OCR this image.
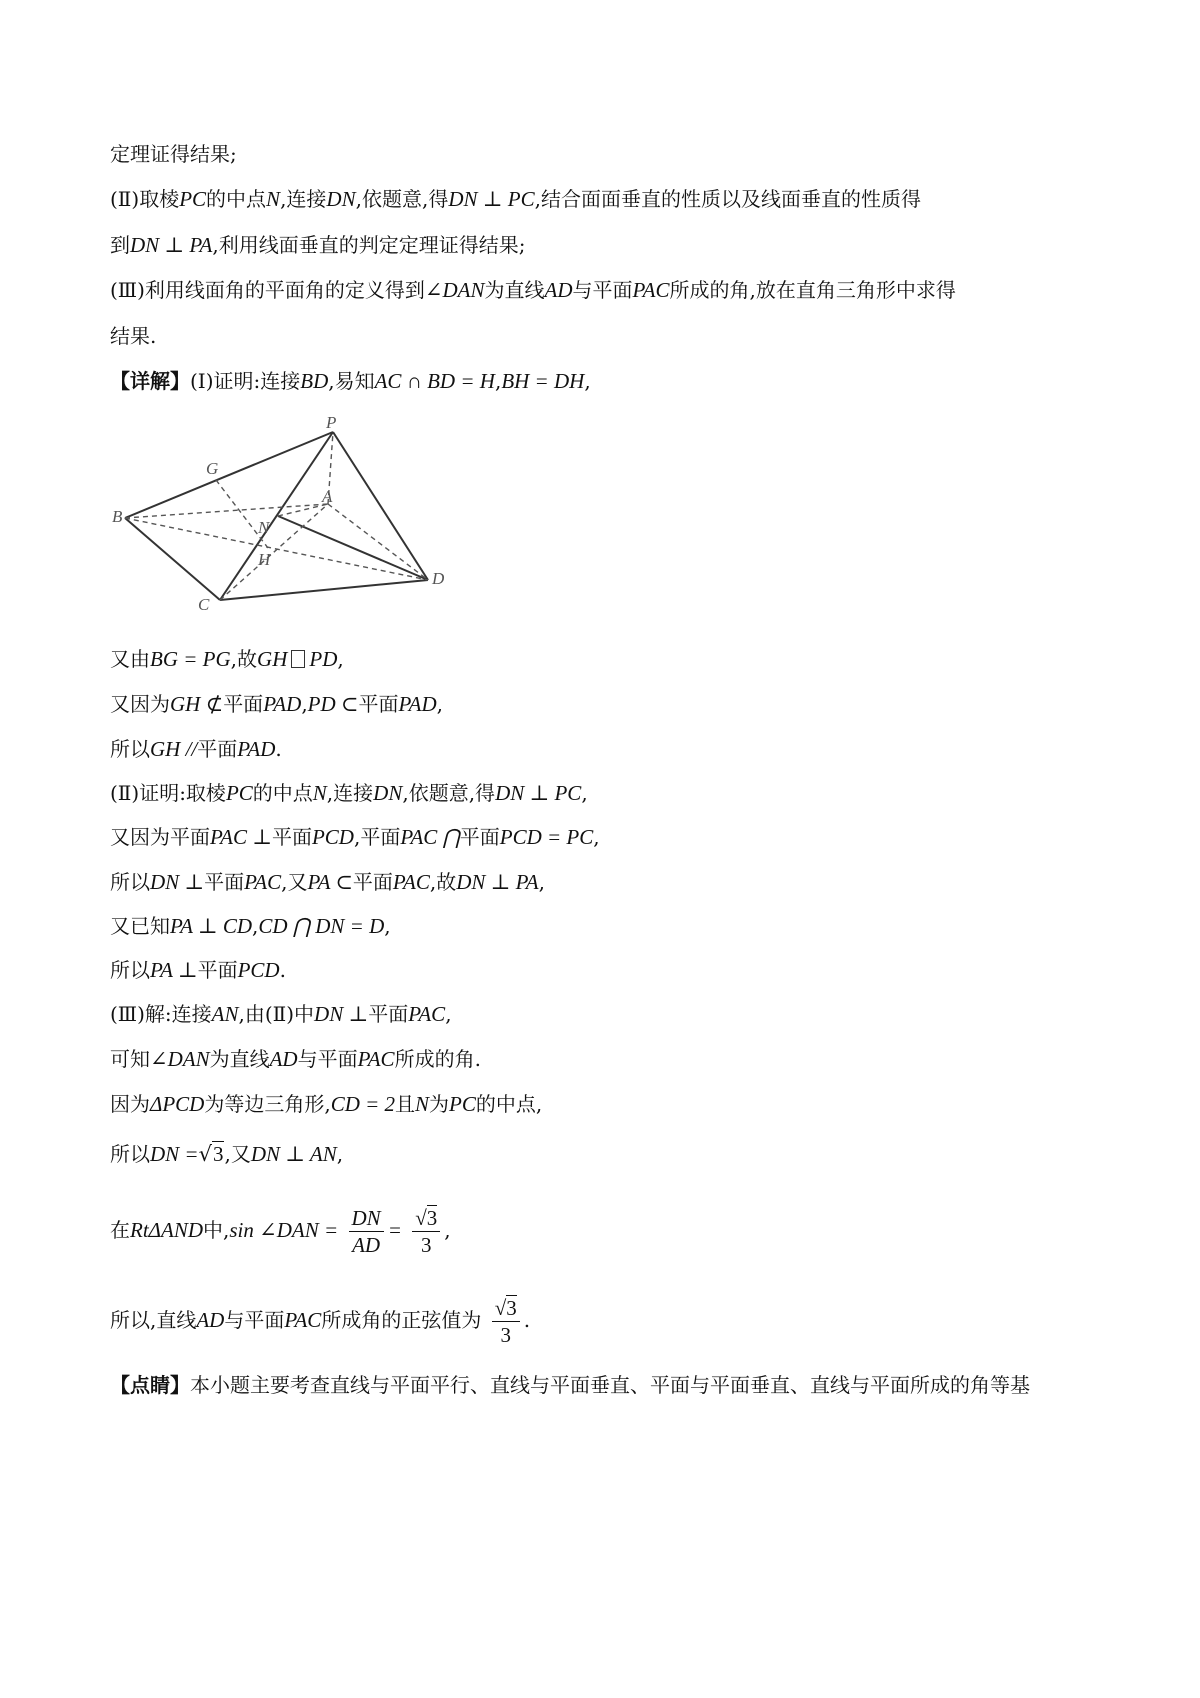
定理证得结果;
(Ⅱ)取棱PC的中点N,连接DN,依题意,得DN ⊥ PC,结合面面垂直的性质以及线面垂直的性质得
到DN ⊥ PA,利用线面垂直的判定定理证得结果;
(Ⅲ)利用线面角的平面角的定义得到∠DAN为直线AD与平面PAC所成的角,放在直角三角形中求得
结果.
【详解】(Ⅰ)证明:连接BD,易知AC ∩ BD = H,BH = DH,
P
G
A
B
N
H
C
D
又由BG = PG,故GH PD,
又因为GH ⊄平面PAD,PD ⊂平面PAD,
所以GH //平面PAD.
(Ⅱ)证明:取棱PC的中点N,连接DN,依题意,得DN ⊥ PC,
又因为平面PAC ⊥平面PCD,平面PAC ⋂平面PCD = PC,
所以DN ⊥平面PAC,又PA ⊂平面PAC,故DN ⊥ PA,
又已知PA ⊥ CD,CD ⋂ DN = D,
所以PA ⊥平面PCD.
(Ⅲ)解:连接AN,由(Ⅱ)中DN ⊥平面PAC,
可知∠DAN为直线AD与平面PAC所成的角.
因为ΔPCD为等边三角形,CD = 2且N为PC的中点,
所以DN =√3,又DN ⊥ AN,
在RtΔAND中,sin ∠DAN = $\frac{DN}{AD} = \frac{√3}{3}$ ,
所以,直线AD与平面PAC所成角的正弦值为 $\frac{√3}{3}$ .
【点睛】本小题主要考查直线与平面平行、直线与平面垂直、平面与平面垂直、直线与平面所成的角等基
